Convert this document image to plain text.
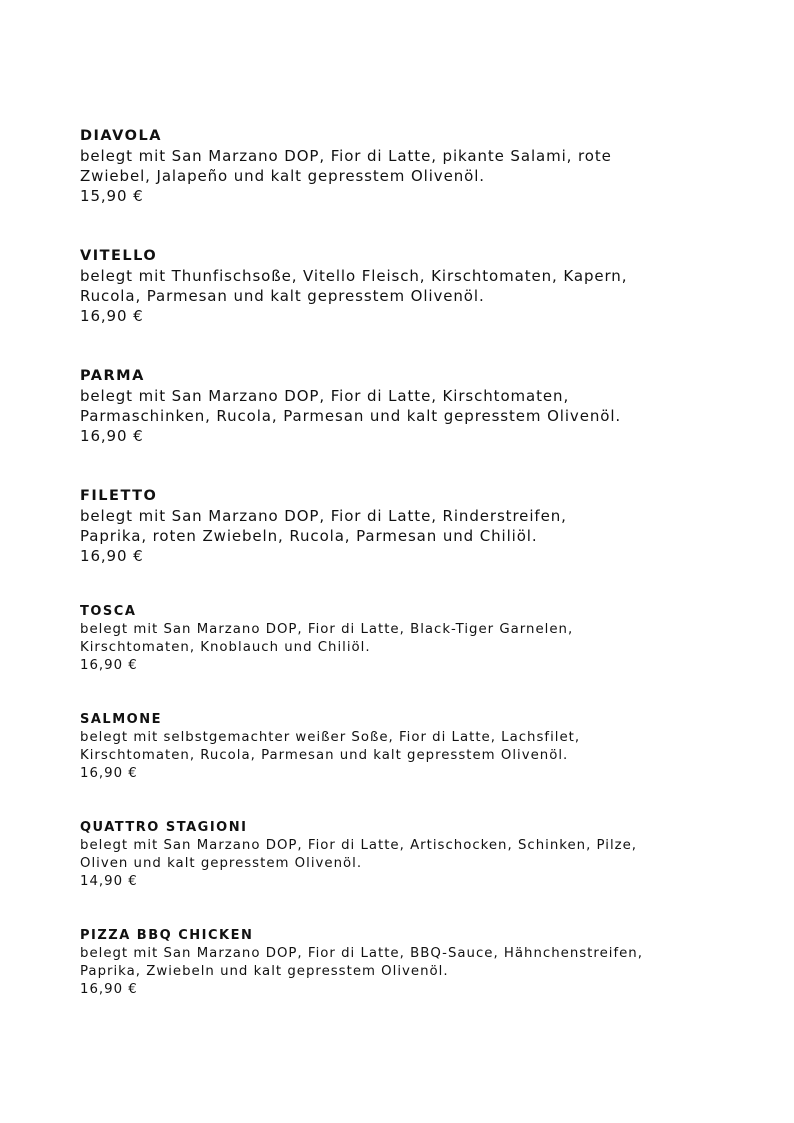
DIAVOLA
belegt mit San Marzano DOP, Fior di Latte, pikante Salami, rote
Zwiebel, Jalapeño und kalt gepresstem Olivenöl.
15,90 €
VITELLO
belegt mit Thunfischsoße, Vitello Fleisch, Kirschtomaten, Kapern,
Rucola, Parmesan und kalt gepresstem Olivenöl.
16,90 €
PARMA
belegt mit San Marzano DOP, Fior di Latte, Kirschtomaten,
Parmaschinken, Rucola, Parmesan und kalt gepresstem Olivenöl.
16,90 €
FILETTO
belegt mit San Marzano DOP, Fior di Latte, Rinderstreifen,
Paprika, roten Zwiebeln, Rucola, Parmesan und Chiliöl.
16,90 €
TOSCA
belegt mit San Marzano DOP, Fior di Latte, Black-Tiger Garnelen,
Kirschtomaten, Knoblauch und Chiliöl.
16,90 €
SALMONE
belegt mit selbstgemachter weißer Soße, Fior di Latte, Lachsfilet,
Kirschtomaten, Rucola, Parmesan und kalt gepresstem Olivenöl.
16,90 €
QUATTRO STAGIONI
belegt mit San Marzano DOP, Fior di Latte, Artischocken, Schinken, Pilze,
Oliven und kalt gepresstem Olivenöl.
14,90 €
PIZZA BBQ CHICKEN
belegt mit San Marzano DOP, Fior di Latte, BBQ-Sauce, Hähnchenstreifen,
Paprika, Zwiebeln und kalt gepresstem Olivenöl.
16,90 €
